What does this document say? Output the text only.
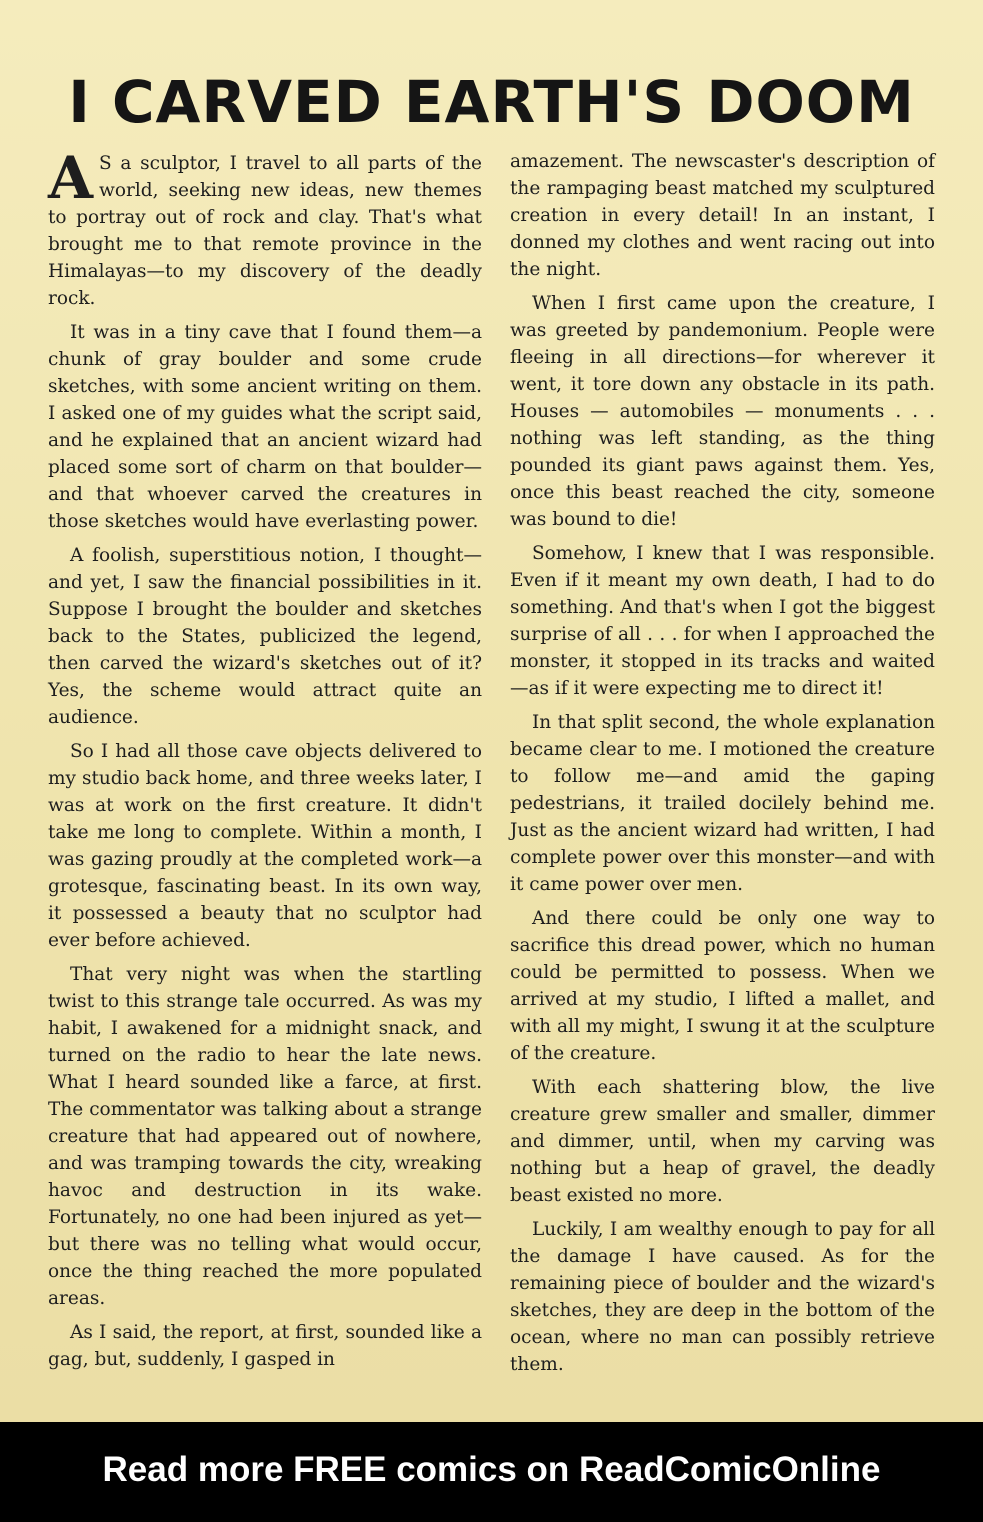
I CARVED EARTH'S DOOM

A S a sculptor, I travel to all parts of the world, seeking new ideas, new themes to portray out of rock and clay. That's what brought me to that remote province in the Himalayas—to my discovery of the deadly rock.

It was in a tiny cave that I found them—a chunk of gray boulder and some crude sketches, with some ancient writing on them. I asked one of my guides what the script said, and he explained that an ancient wizard had placed some sort of charm on that boulder—and that whoever carved the creatures in those sketches would have everlasting power.

A foolish, superstitious notion, I thought—and yet, I saw the financial possibilities in it. Suppose I brought the boulder and sketches back to the States, publicized the legend, then carved the wizard's sketches out of it? Yes, the scheme would attract quite an audience.

So I had all those cave objects delivered to my studio back home, and three weeks later, I was at work on the first creature. It didn't take me long to complete. Within a month, I was gazing proudly at the completed work—a grotesque, fascinating beast. In its own way, it possessed a beauty that no sculptor had ever before achieved.

That very night was when the startling twist to this strange tale occurred. As was my habit, I awakened for a midnight snack, and turned on the radio to hear the late news. What I heard sounded like a farce, at first. The commentator was talking about a strange creature that had appeared out of nowhere, and was tramping towards the city, wreaking havoc and destruction in its wake. Fortunately, no one had been injured as yet—but there was no telling what would occur, once the thing reached the more populated areas.

As I said, the report, at first, sounded like a gag, but, suddenly, I gasped in

amazement. The newscaster's description of the rampaging beast matched my sculptured creation in every detail! In an instant, I donned my clothes and went racing out into the night.

When I first came upon the creature, I was greeted by pandemonium. People were fleeing in all directions—for wherever it went, it tore down any obstacle in its path. Houses — automobiles — monuments . . . nothing was left standing, as the thing pounded its giant paws against them. Yes, once this beast reached the city, someone was bound to die!

Somehow, I knew that I was responsible. Even if it meant my own death, I had to do something. And that's when I got the biggest surprise of all . . . for when I approached the monster, it stopped in its tracks and waited—as if it were expecting me to direct it!

In that split second, the whole explanation became clear to me. I motioned the creature to follow me—and amid the gaping pedestrians, it trailed docilely behind me. Just as the ancient wizard had written, I had complete power over this monster—and with it came power over men.

And there could be only one way to sacrifice this dread power, which no human could be permitted to possess. When we arrived at my studio, I lifted a mallet, and with all my might, I swung it at the sculpture of the creature.

With each shattering blow, the live creature grew smaller and smaller, dimmer and dimmer, until, when my carving was nothing but a heap of gravel, the deadly beast existed no more.

Luckily, I am wealthy enough to pay for all the damage I have caused. As for the remaining piece of boulder and the wizard's sketches, they are deep in the bottom of the ocean, where no man can possibly retrieve them.

Read more FREE comics on ReadComicOnline
